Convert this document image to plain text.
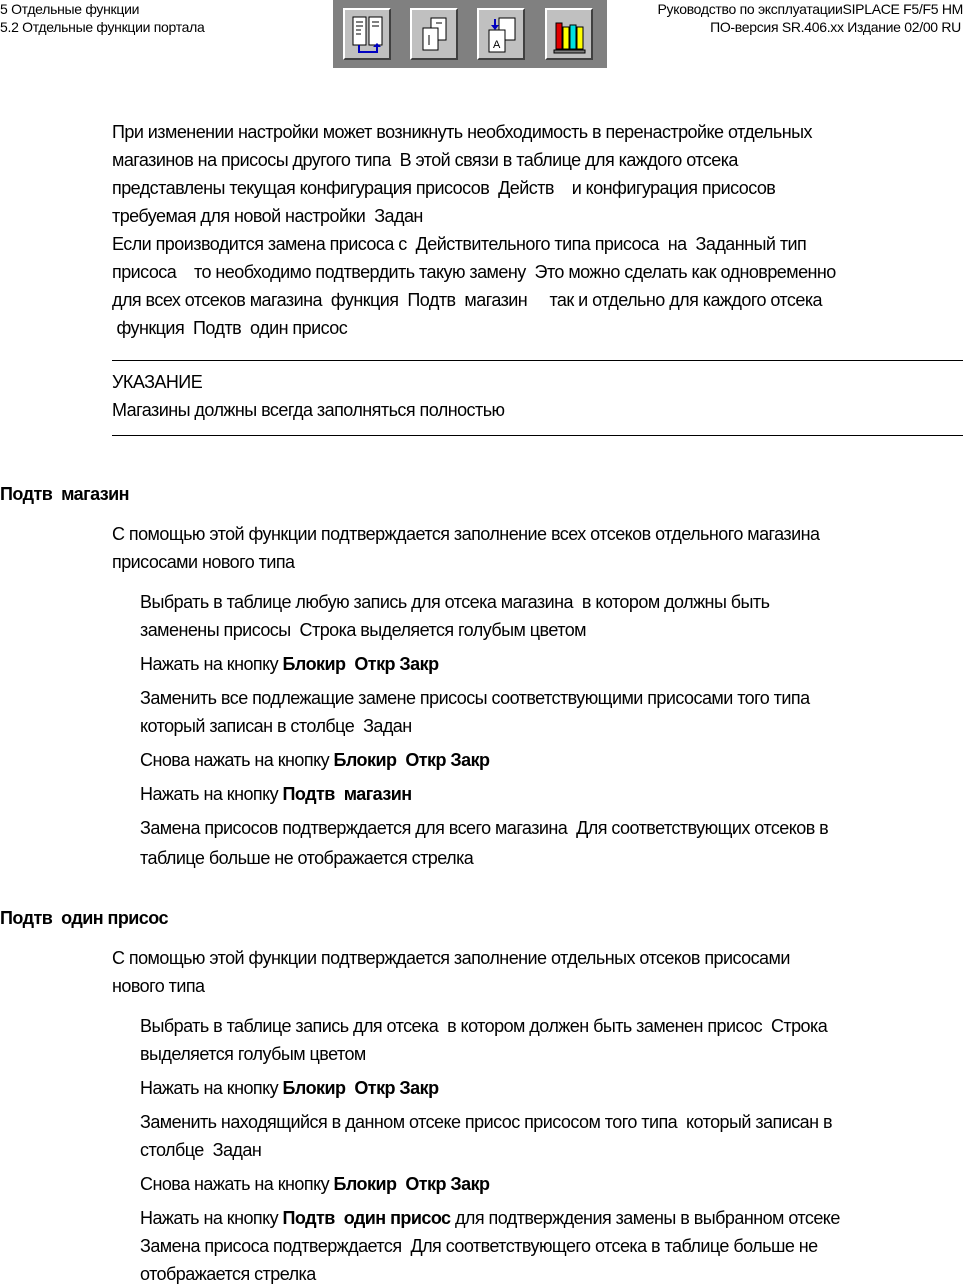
5 Отдельные функции
5.2 Отдельные функции портала
Руководство по эксплуатацииSIPLACE F5/F5 HM
ПО-версия SR.406.xx Издание 02/00 RU
A
При изменении настройки может возникнуть необходимость в перенастройке отдельных
магазинов на присосы другого типа  В этой связи в таблице для каждого отсека
представлены текущая конфигурация присосов  Действ    и конфигурация присосов
требуемая для новой настройки  Задан
Если производится замена присоса с  Действительного типа присоса  на  Заданный тип
присоса    то необходимо подтвердить такую замену  Это можно сделать как одновременно
для всех отсеков магазина  функция  Подтв  магазин     так и отдельно для каждого отсека
функция  Подтв  один присос
УКАЗАНИЕ
Магазины должны всегда заполняться полностью
Подтв  магазин
С помощью этой функции подтверждается заполнение всех отсеков отдельного магазина
присосами нового типа
Выбрать в таблице любую запись для отсека магазина  в котором должны быть
заменены присосы  Строка выделяется голубым цветом
Нажать на кнопку Блокир  Откр Закр
Заменить все подлежащие замене присосы соответствующими присосами того типа
который записан в столбце  Задан
Снова нажать на кнопку Блокир  Откр Закр
Нажать на кнопку Подтв  магазин
Замена присосов подтверждается для всего магазина  Для соответствующих отсеков в
таблице больше не отображается стрелка
Подтв  один присос
С помощью этой функции подтверждается заполнение отдельных отсеков присосами
нового типа
Выбрать в таблице запись для отсека  в котором должен быть заменен присос  Строка
выделяется голубым цветом
Нажать на кнопку Блокир  Откр Закр
Заменить находящийся в данном отсеке присос присосом того типа  который записан в
столбце  Задан
Снова нажать на кнопку Блокир  Откр Закр
Нажать на кнопку Подтв  один присос для подтверждения замены в выбранном отсеке
Замена присоса подтверждается  Для соответствующего отсека в таблице больше не
отображается стрелка
